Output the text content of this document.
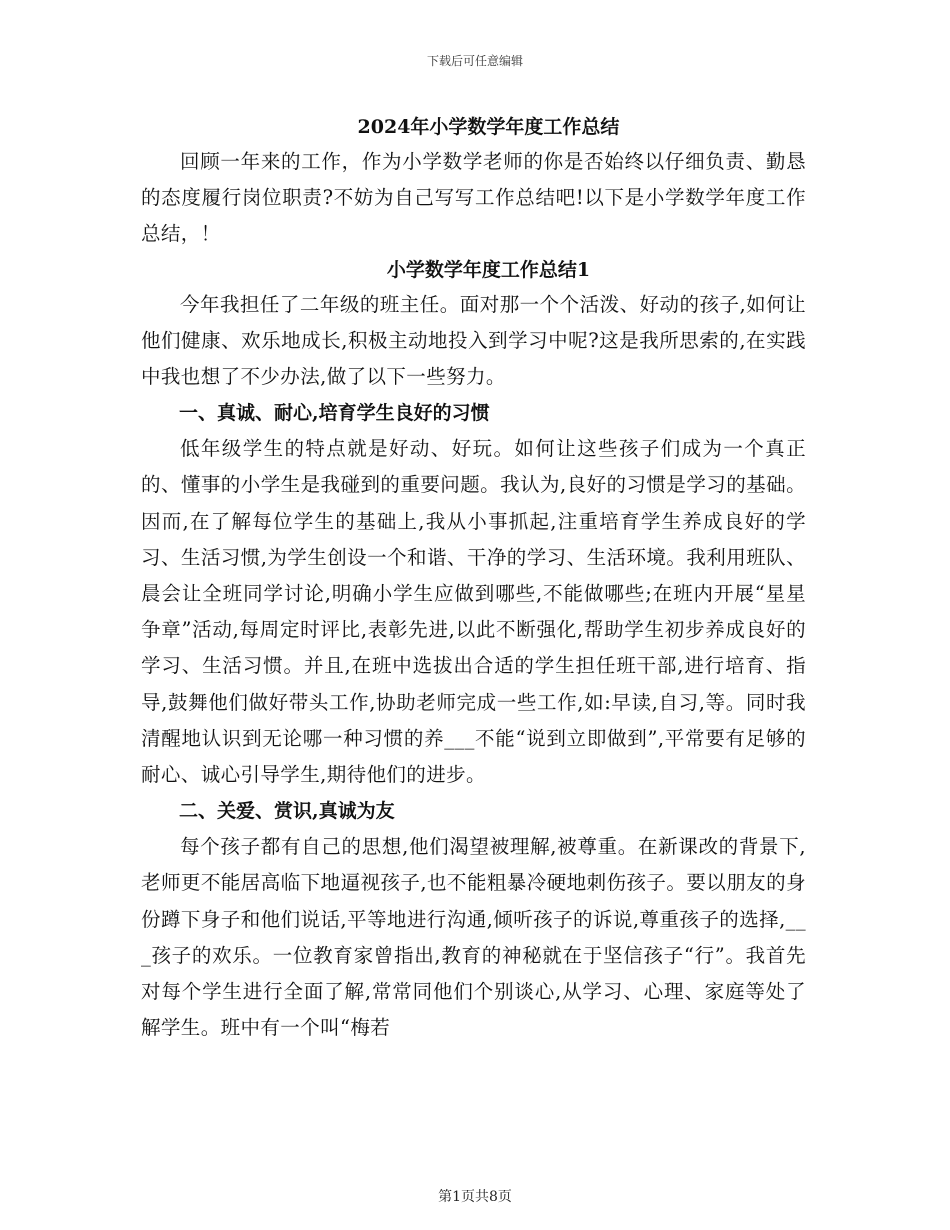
下载后可任意编辑

2024年小学数学年度工作总结

回顾一年来的工作，作为小学数学老师的你是否始终以仔细负责、勤恳的态度履行岗位职责?不妨为自己写写工作总结吧!以下是小学数学年度工作总结，！

小学数学年度工作总结1

今年我担任了二年级的班主任。面对那一个个活泼、好动的孩子,如何让他们健康、欢乐地成长,积极主动地投入到学习中呢?这是我所思索的,在实践中我也想了不少办法,做了以下一些努力。

一、真诚、耐心,培育学生良好的习惯

低年级学生的特点就是好动、好玩。如何让这些孩子们成为一个真正的、懂事的小学生是我碰到的重要问题。我认为,良好的习惯是学习的基础。因而,在了解每位学生的基础上,我从小事抓起,注重培育学生养成良好的学习、生活习惯,为学生创设一个和谐、干净的学习、生活环境。我利用班队、晨会让全班同学讨论,明确小学生应做到哪些,不能做哪些;在班内开展“星星争章”活动,每周定时评比,表彰先进,以此不断强化,帮助学生初步养成良好的学习、生活习惯。并且,在班中选拔出合适的学生担任班干部,进行培育、指导,鼓舞他们做好带头工作,协助老师完成一些工作,如:早读,自习,等。同时我清醒地认识到无论哪一种习惯的养___不能“说到立即做到”,平常要有足够的耐心、诚心引导学生,期待他们的进步。

二、关爱、赏识,真诚为友

每个孩子都有自己的思想,他们渴望被理解,被尊重。在新课改的背景下,老师更不能居高临下地逼视孩子,也不能粗暴冷硬地刺伤孩子。要以朋友的身份蹲下身子和他们说话,平等地进行沟通,倾听孩子的诉说,尊重孩子的选择,___孩子的欢乐。一位教育家曾指出,教育的神秘就在于坚信孩子“行”。我首先对每个学生进行全面了解,常常同他们个别谈心,从学习、心理、家庭等处了解学生。班中有一个叫“梅若

第1页共8页
